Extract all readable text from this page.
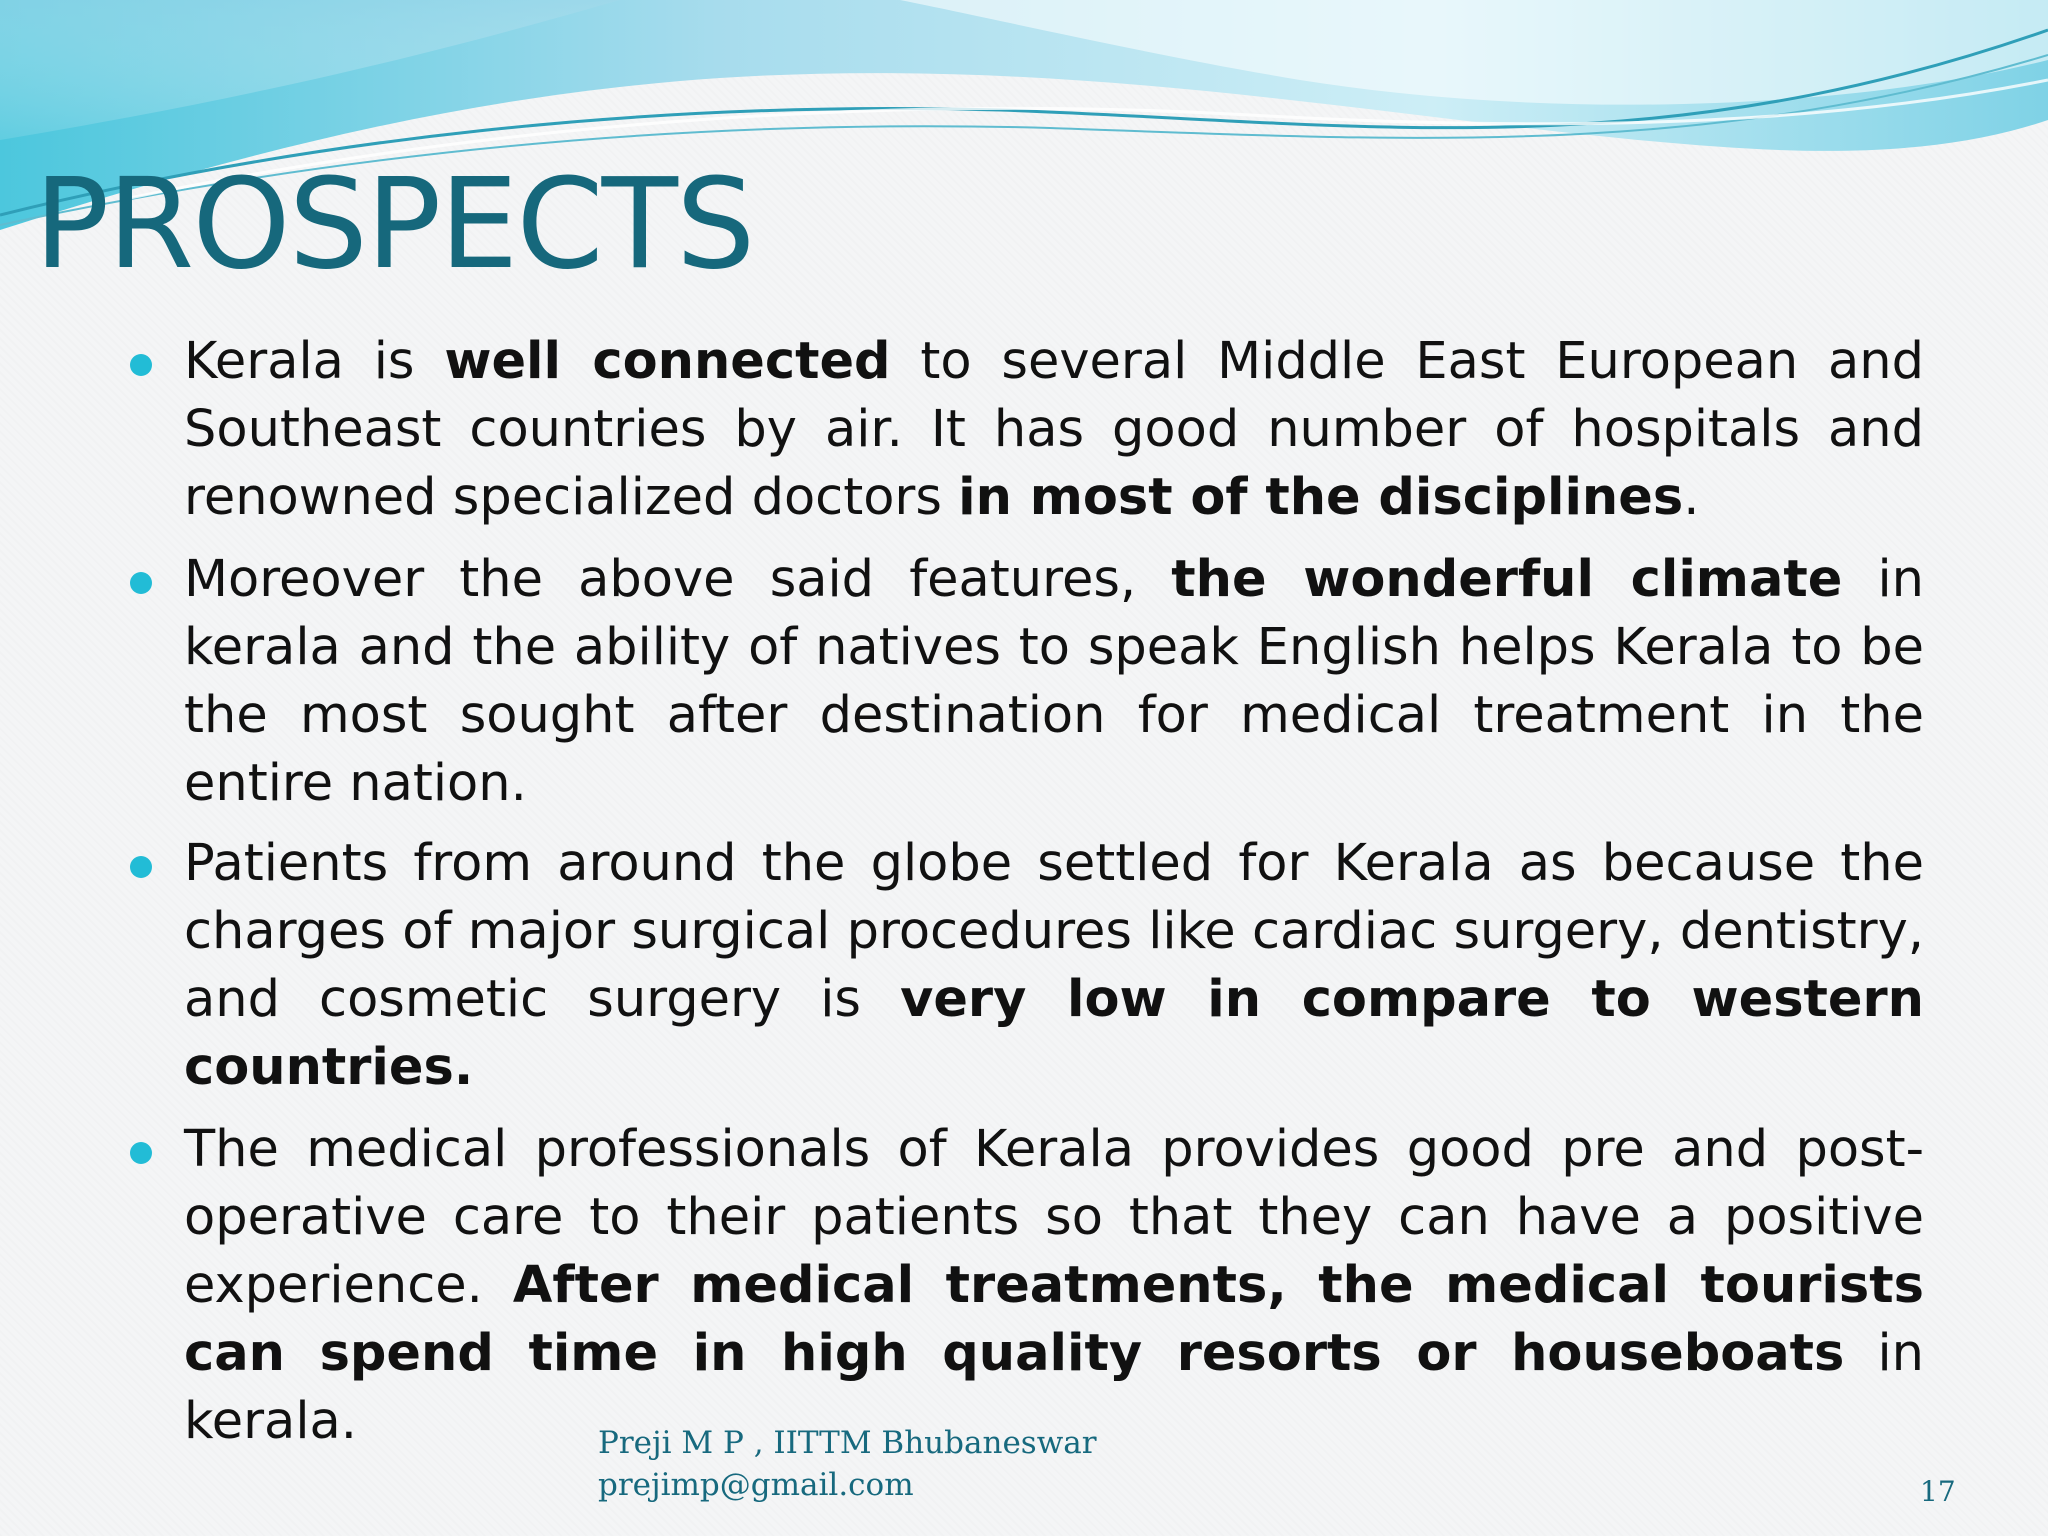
PROSPECTS
Kerala is well connected to several Middle East European and Southeast countries by air. It has good number of hospitals and renowned specialized doctors in most of the disciplines.
Moreover the above said features, the wonderful climate in kerala and the ability of natives to speak English helps Kerala to be the most sought after destination for medical treatment in the entire nation.
Patients from around the globe settled for Kerala as because the charges of major surgical procedures like cardiac surgery, dentistry, and cosmetic surgery is very low in compare to western countries.
The medical professionals of Kerala provides good pre and post-operative care to their patients so that they can have a positive experience. After medical treatments, the medical tourists can spend time in high quality resorts or houseboats in kerala.	Preji M P , IITTM Bhubaneswar
prejimp@gmail.com	17
